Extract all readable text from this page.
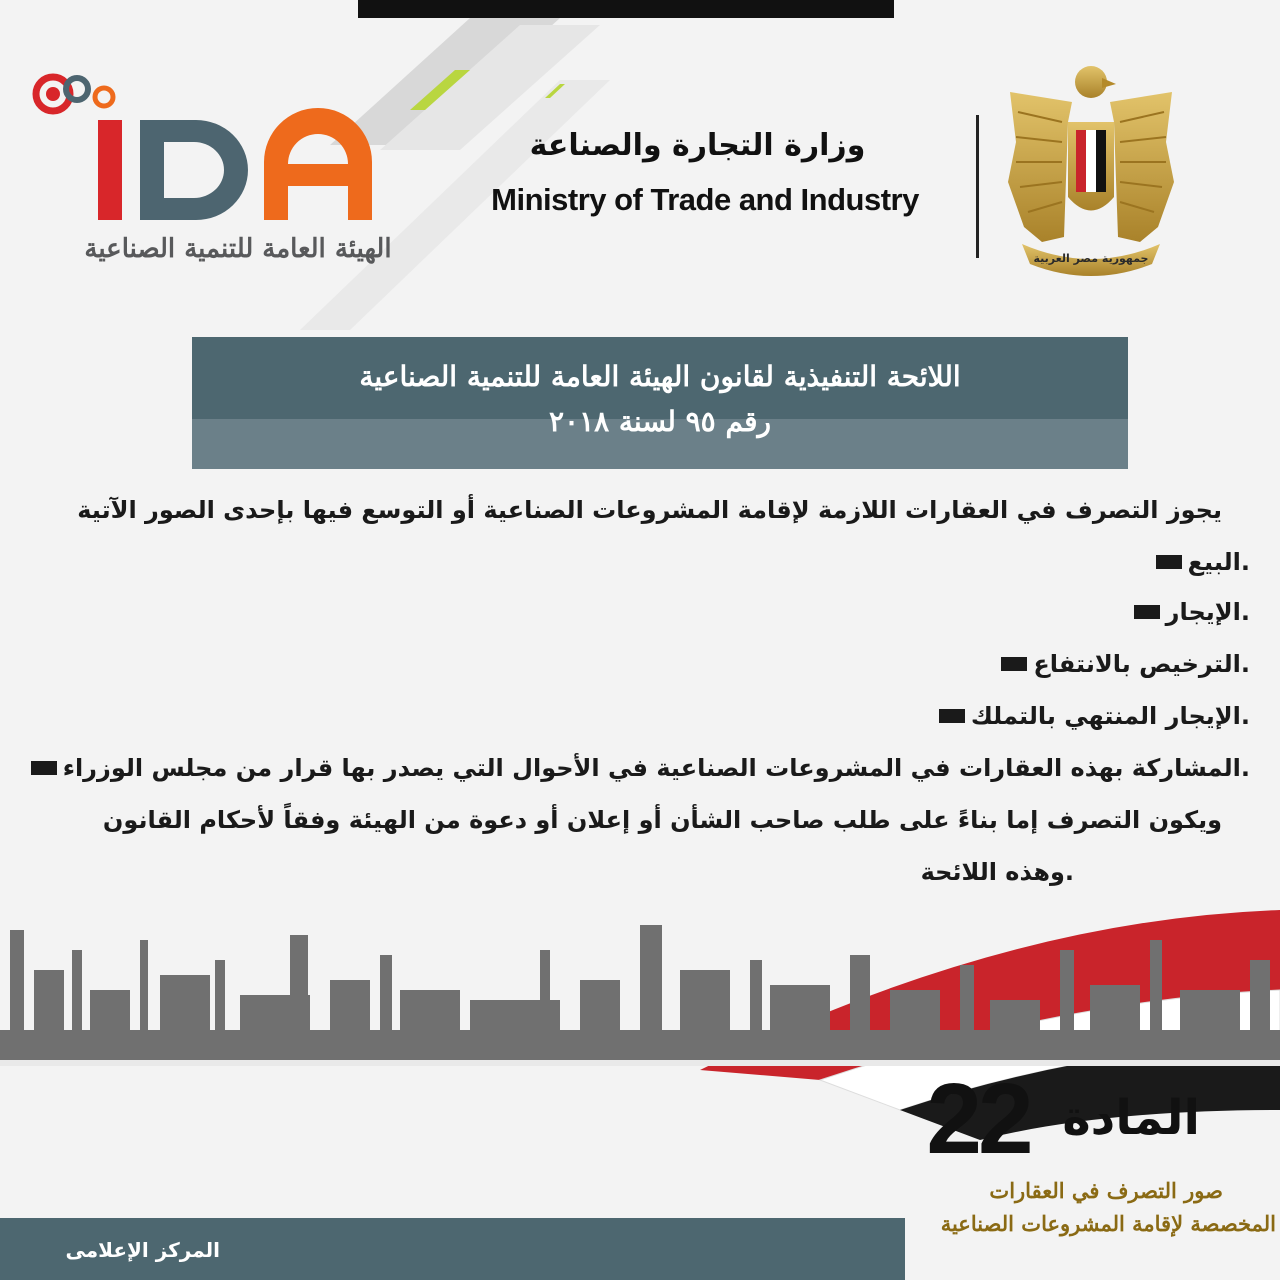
الهيئة العامة للتنمية الصناعية
وزارة التجارة والصناعة
Ministry of Trade and Industry
جمهورية مصر العربية
اللائحة التنفيذية لقانون الهيئة العامة للتنمية الصناعية
رقم ٩٥ لسنة ٢٠١٨
يجوز التصرف في العقارات اللازمة لإقامة المشروعات الصناعية أو التوسع فيها بإحدى الصور الآتية
.البيع
.الإيجار
.الترخيص بالانتفاع
.الإيجار المنتهي بالتملك
.المشاركة بهذه العقارات في المشروعات الصناعية في الأحوال التي يصدر بها قرار من مجلس الوزراء
ويكون التصرف إما بناءً على طلب صاحب الشأن أو إعلان أو دعوة من الهيئة وفقاً لأحكام القانون
.وهذه اللائحة
المادة
22
صور التصرف في العقارات
المخصصة لإقامة المشروعات الصناعية
المركز الإعلامى
